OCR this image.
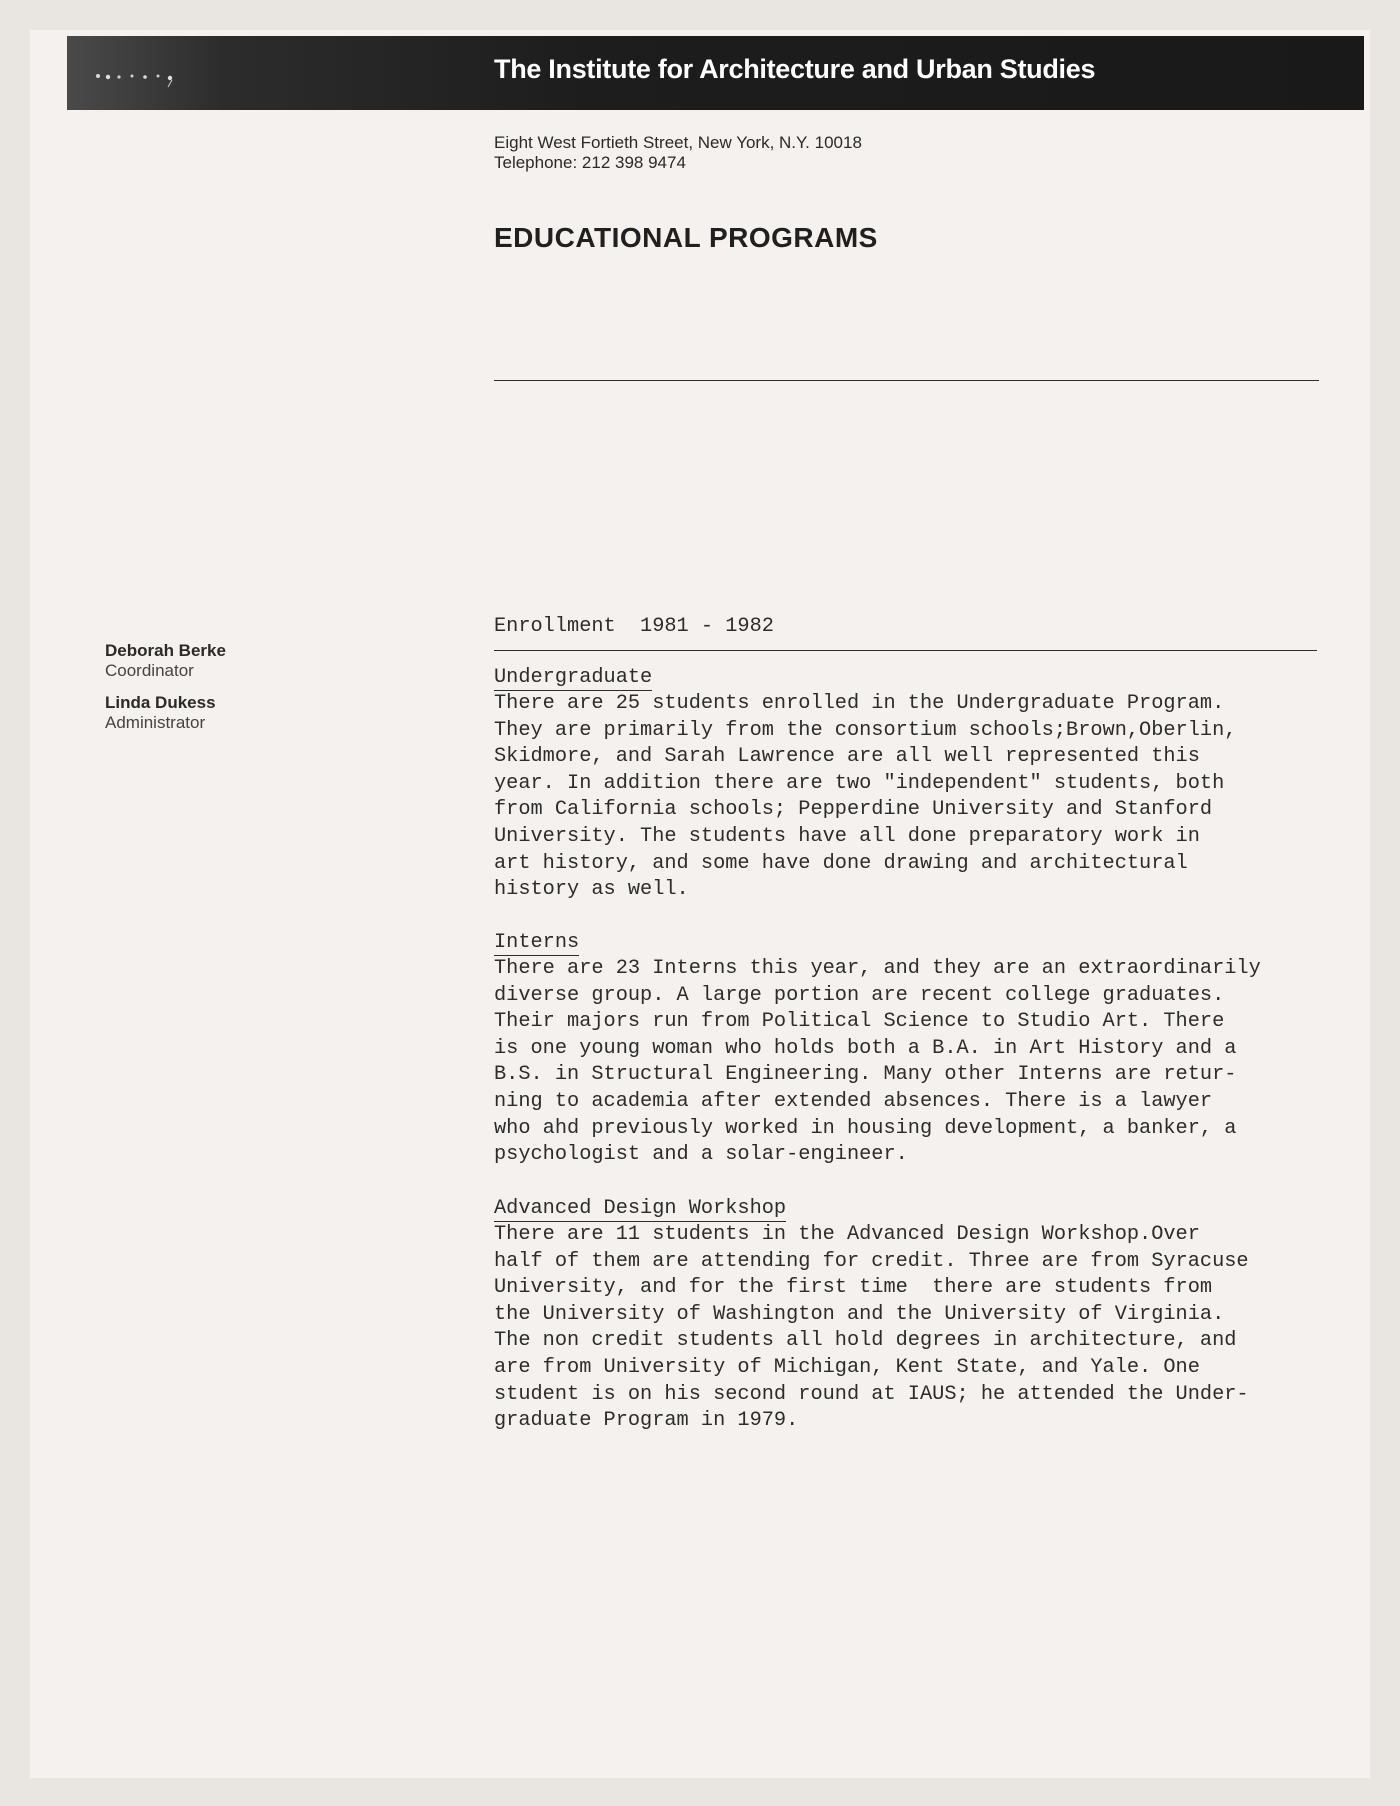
The Institute for Architecture and Urban Studies
Eight West Fortieth Street, New York, N.Y. 10018
Telephone: 212 398 9474
EDUCATIONAL PROGRAMS
Deborah Berke
Coordinator
Linda Dukess
Administrator
Enrollment  1981 - 1982
Undergraduate
There are 25 students enrolled in the Undergraduate Program.
They are primarily from the consortium schools;Brown,Oberlin,
Skidmore, and Sarah Lawrence are all well represented this
year. In addition there are two "independent" students, both
from California schools; Pepperdine University and Stanford
University. The students have all done preparatory work in
art history, and some have done drawing and architectural
history as well.
Interns
There are 23 Interns this year, and they are an extraordinarily
diverse group. A large portion are recent college graduates.
Their majors run from Political Science to Studio Art. There
is one young woman who holds both a B.A. in Art History and a
B.S. in Structural Engineering. Many other Interns are retur-
ning to academia after extended absences. There is a lawyer
who ahd previously worked in housing development, a banker, a
psychologist and a solar-engineer.
Advanced Design Workshop
There are 11 students in the Advanced Design Workshop.Over
half of them are attending for credit. Three are from Syracuse
University, and for the first time  there are students from
the University of Washington and the University of Virginia.
The non credit students all hold degrees in architecture, and
are from University of Michigan, Kent State, and Yale. One
student is on his second round at IAUS; he attended the Under-
graduate Program in 1979.
